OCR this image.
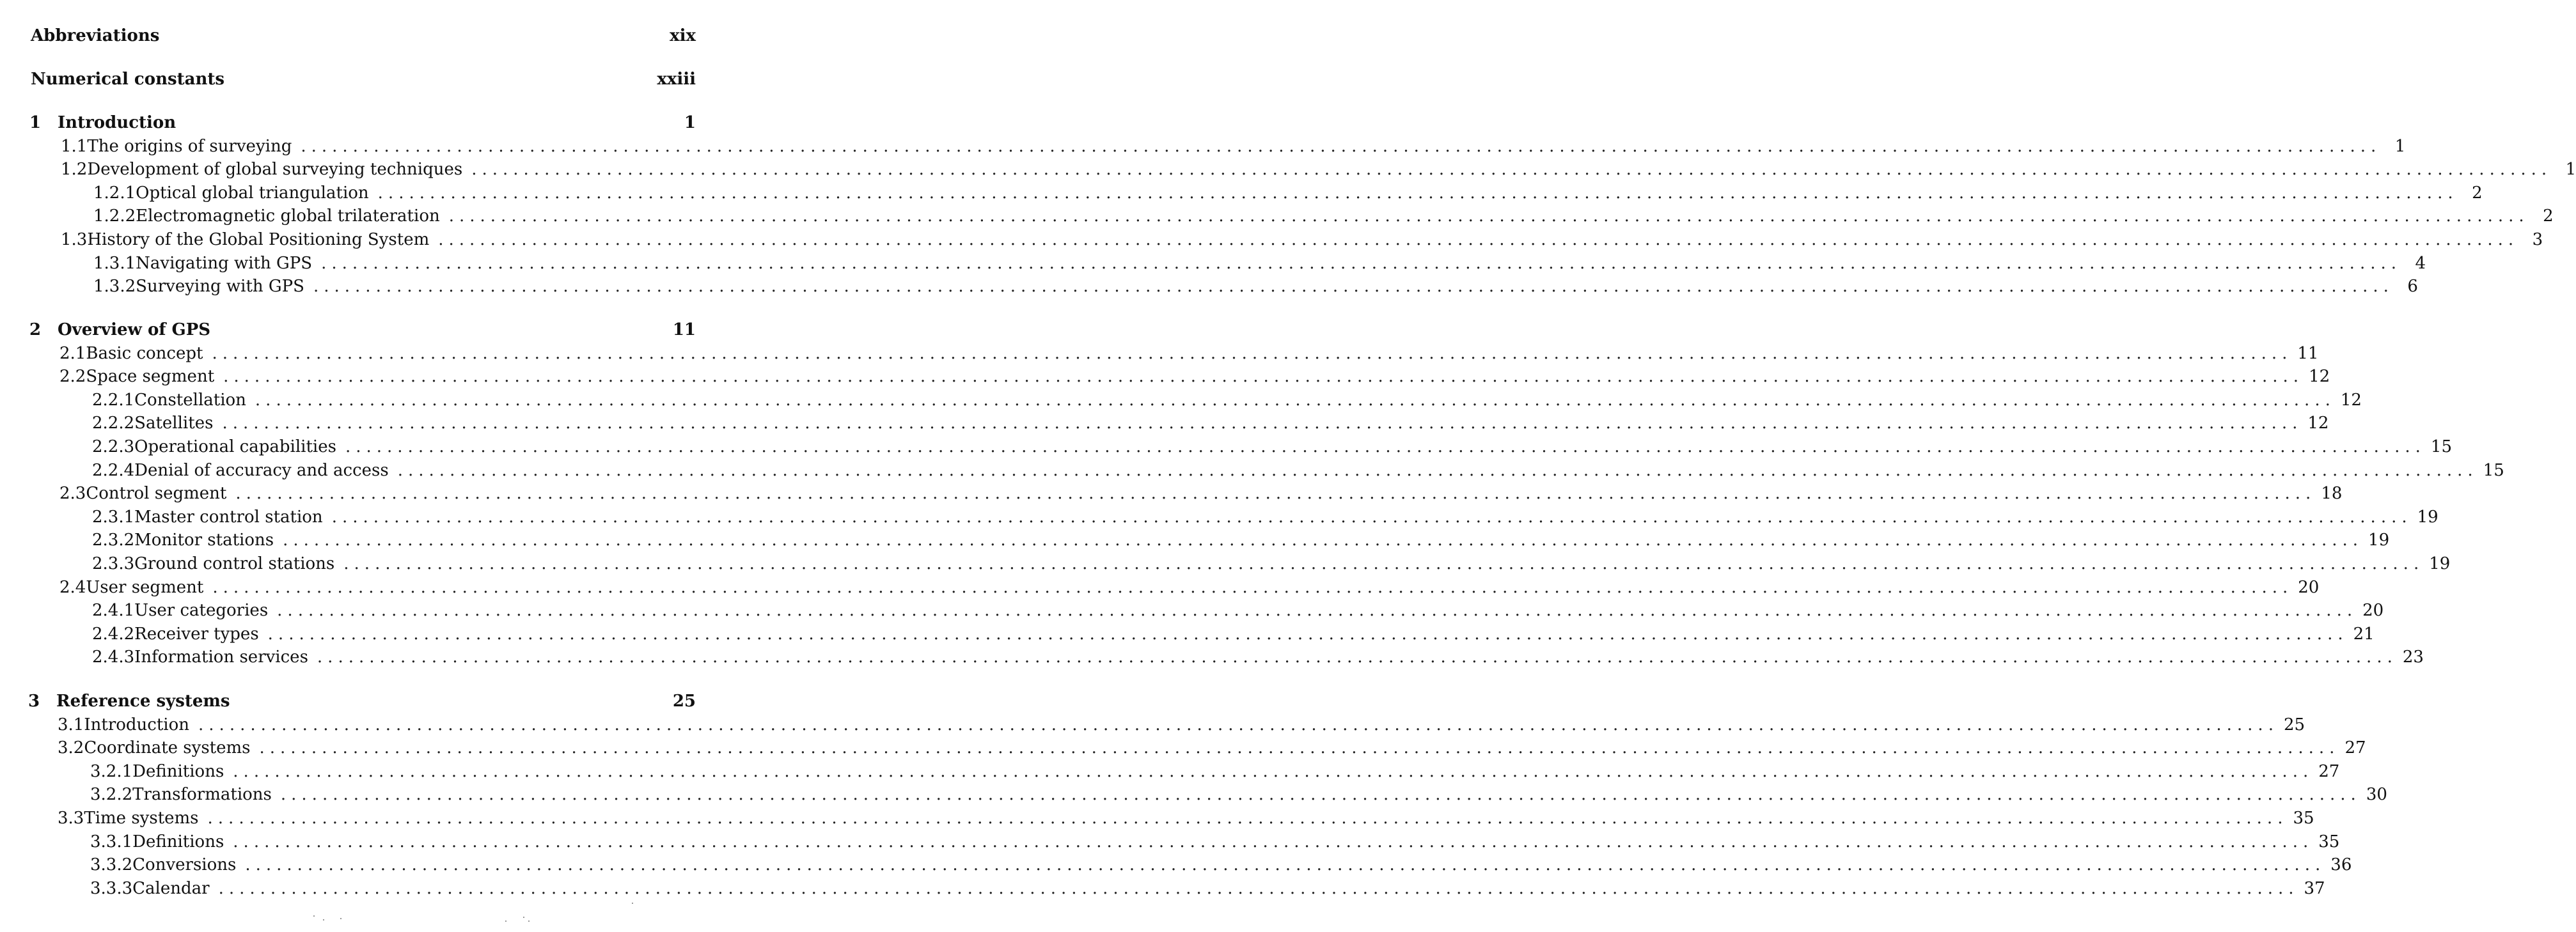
Abbreviations	xix
Numerical constants	xxiii
1 Introduction	1
1.1 The origins of surveying ........................................................................................................................................................................................................ 1
1.2 Development of global surveying techniques ........................................................................................................................................................................................................ 1
1.2.1 Optical global triangulation ........................................................................................................................................................................................................ 2
1.2.2 Electromagnetic global trilateration ........................................................................................................................................................................................................ 2
1.3 History of the Global Positioning System ........................................................................................................................................................................................................ 3
1.3.1 Navigating with GPS ........................................................................................................................................................................................................ 4
1.3.2 Surveying with GPS ........................................................................................................................................................................................................ 6
2 Overview of GPS	11
2.1 Basic concept ........................................................................................................................................................................................................ 11
2.2 Space segment ........................................................................................................................................................................................................ 12
2.2.1 Constellation ........................................................................................................................................................................................................ 12
2.2.2 Satellites ........................................................................................................................................................................................................ 12
2.2.3 Operational capabilities ........................................................................................................................................................................................................ 15
2.2.4 Denial of accuracy and access ........................................................................................................................................................................................................ 15
2.3 Control segment ........................................................................................................................................................................................................ 18
2.3.1 Master control station ........................................................................................................................................................................................................ 19
2.3.2 Monitor stations ........................................................................................................................................................................................................ 19
2.3.3 Ground control stations ........................................................................................................................................................................................................ 19
2.4 User segment ........................................................................................................................................................................................................ 20
2.4.1 User categories ........................................................................................................................................................................................................ 20
2.4.2 Receiver types ........................................................................................................................................................................................................ 21
2.4.3 Information services ........................................................................................................................................................................................................ 23
3 Reference systems	25
3.1 Introduction ........................................................................................................................................................................................................ 25
3.2 Coordinate systems ........................................................................................................................................................................................................ 27
3.2.1 Definitions ........................................................................................................................................................................................................ 27
3.2.2 Transformations ........................................................................................................................................................................................................ 30
3.3 Time systems ........................................................................................................................................................................................................ 35
3.3.1 Definitions ........................................................................................................................................................................................................ 35
3.3.2 Conversions ........................................................................................................................................................................................................ 36
3.3.3 Calendar ........................................................................................................................................................................................................ 37
